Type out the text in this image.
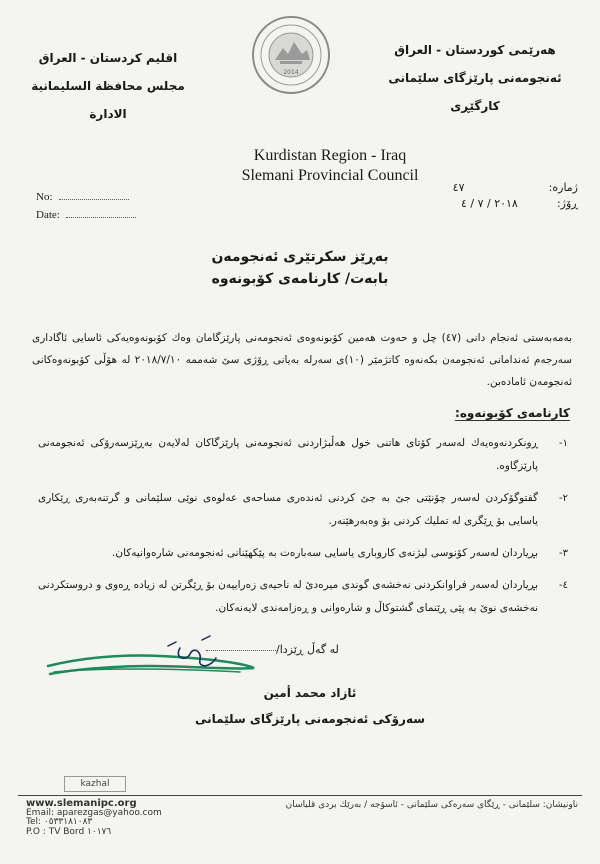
هەرێمی كوردستان - العراق
ئەنجومەنی پارێزگای سلێمانی
كارگێڕی
2014
اقليم كردستان - العراق
مجلس محافظة السليمانية
الادارة
Kurdistan Region - Iraq
Slemani Provincial Council
No:
Date:
ژمارە:٤٧
ڕۆژ:٢٠١٨ / ٧ / ٤
بەڕێز سكرتێری ئەنجومەن
بابەت/ كارنامەی كۆبونەوە
بەمەبەستی ئەنجام دانی (٤٧) چل و حەوت هەمین كۆبونەوەی ئەنجومەنی پارێزگامان وەك كۆبونەوەیەكی ئاسایی ئاگاداری سەرجەم ئەندامانی ئەنجومەن بكەنەوە كاتژمێر (١٠)ی سەرلە بەیانی ڕۆژی سێ شەممە ٢٠١٨/٧/١٠ لە هۆڵی كۆبونەوەكانی ئەنجومەن ئامادەبن.
كارنامەی كۆبونەوە:
١-
ڕونكردنەوەیەك لەسەر كۆتای هاتنی خول هەڵبژاردنی ئەنجومەنی پارێزگاكان لەلایەن بەڕێزسەرۆكی ئەنجومەنی پارێزگاوە.
٢-
گفتوگۆكردن لەسەر چۆنێتی جێ بە جێ كردنی ئەندەری مساحەی عەلوەی نوێی سلێمانی و گرتنەبەری ڕێكاری یاسایی بۆ ڕێگری لە تملیك كردنی بۆ وەبەرهێنەر.
٣-
بڕیاردان لەسەر كۆنوسی لیژنەی كاروباری یاسایی سەبارەت بە پێكهێنانی ئەنجومەنی شارەوانیەكان.
٤-
بڕیاردان لەسەر فراوانكردنی نەخشەی گوندی میرەدێ لە ناحیەی زەراییەن بۆ ڕێگرتن لە زیادە ڕەوی و دروستكردنی نەخشەی نوێ بە پێی ڕێنمای گشتوكاڵ و شارەوانی و ڕەزامەندی لایەنەكان.
لە گەڵ ڕێزدا/
ئازاد محمد أمین
سەرۆكی ئەنجومەنی پارێزگای سلێمانی
kazhal
www.slemanipc.org
Email: aparezgas@yahoo.com
Tel: ٠٥٣٣١٨١٠٨٣
P.O : TV Bord ١٠١٧٦
ناونیشان: سلێمانی - ڕێگای سەرەكی سلێمانی - ئاسۆجە / بەرێك بردی قلیاسان
